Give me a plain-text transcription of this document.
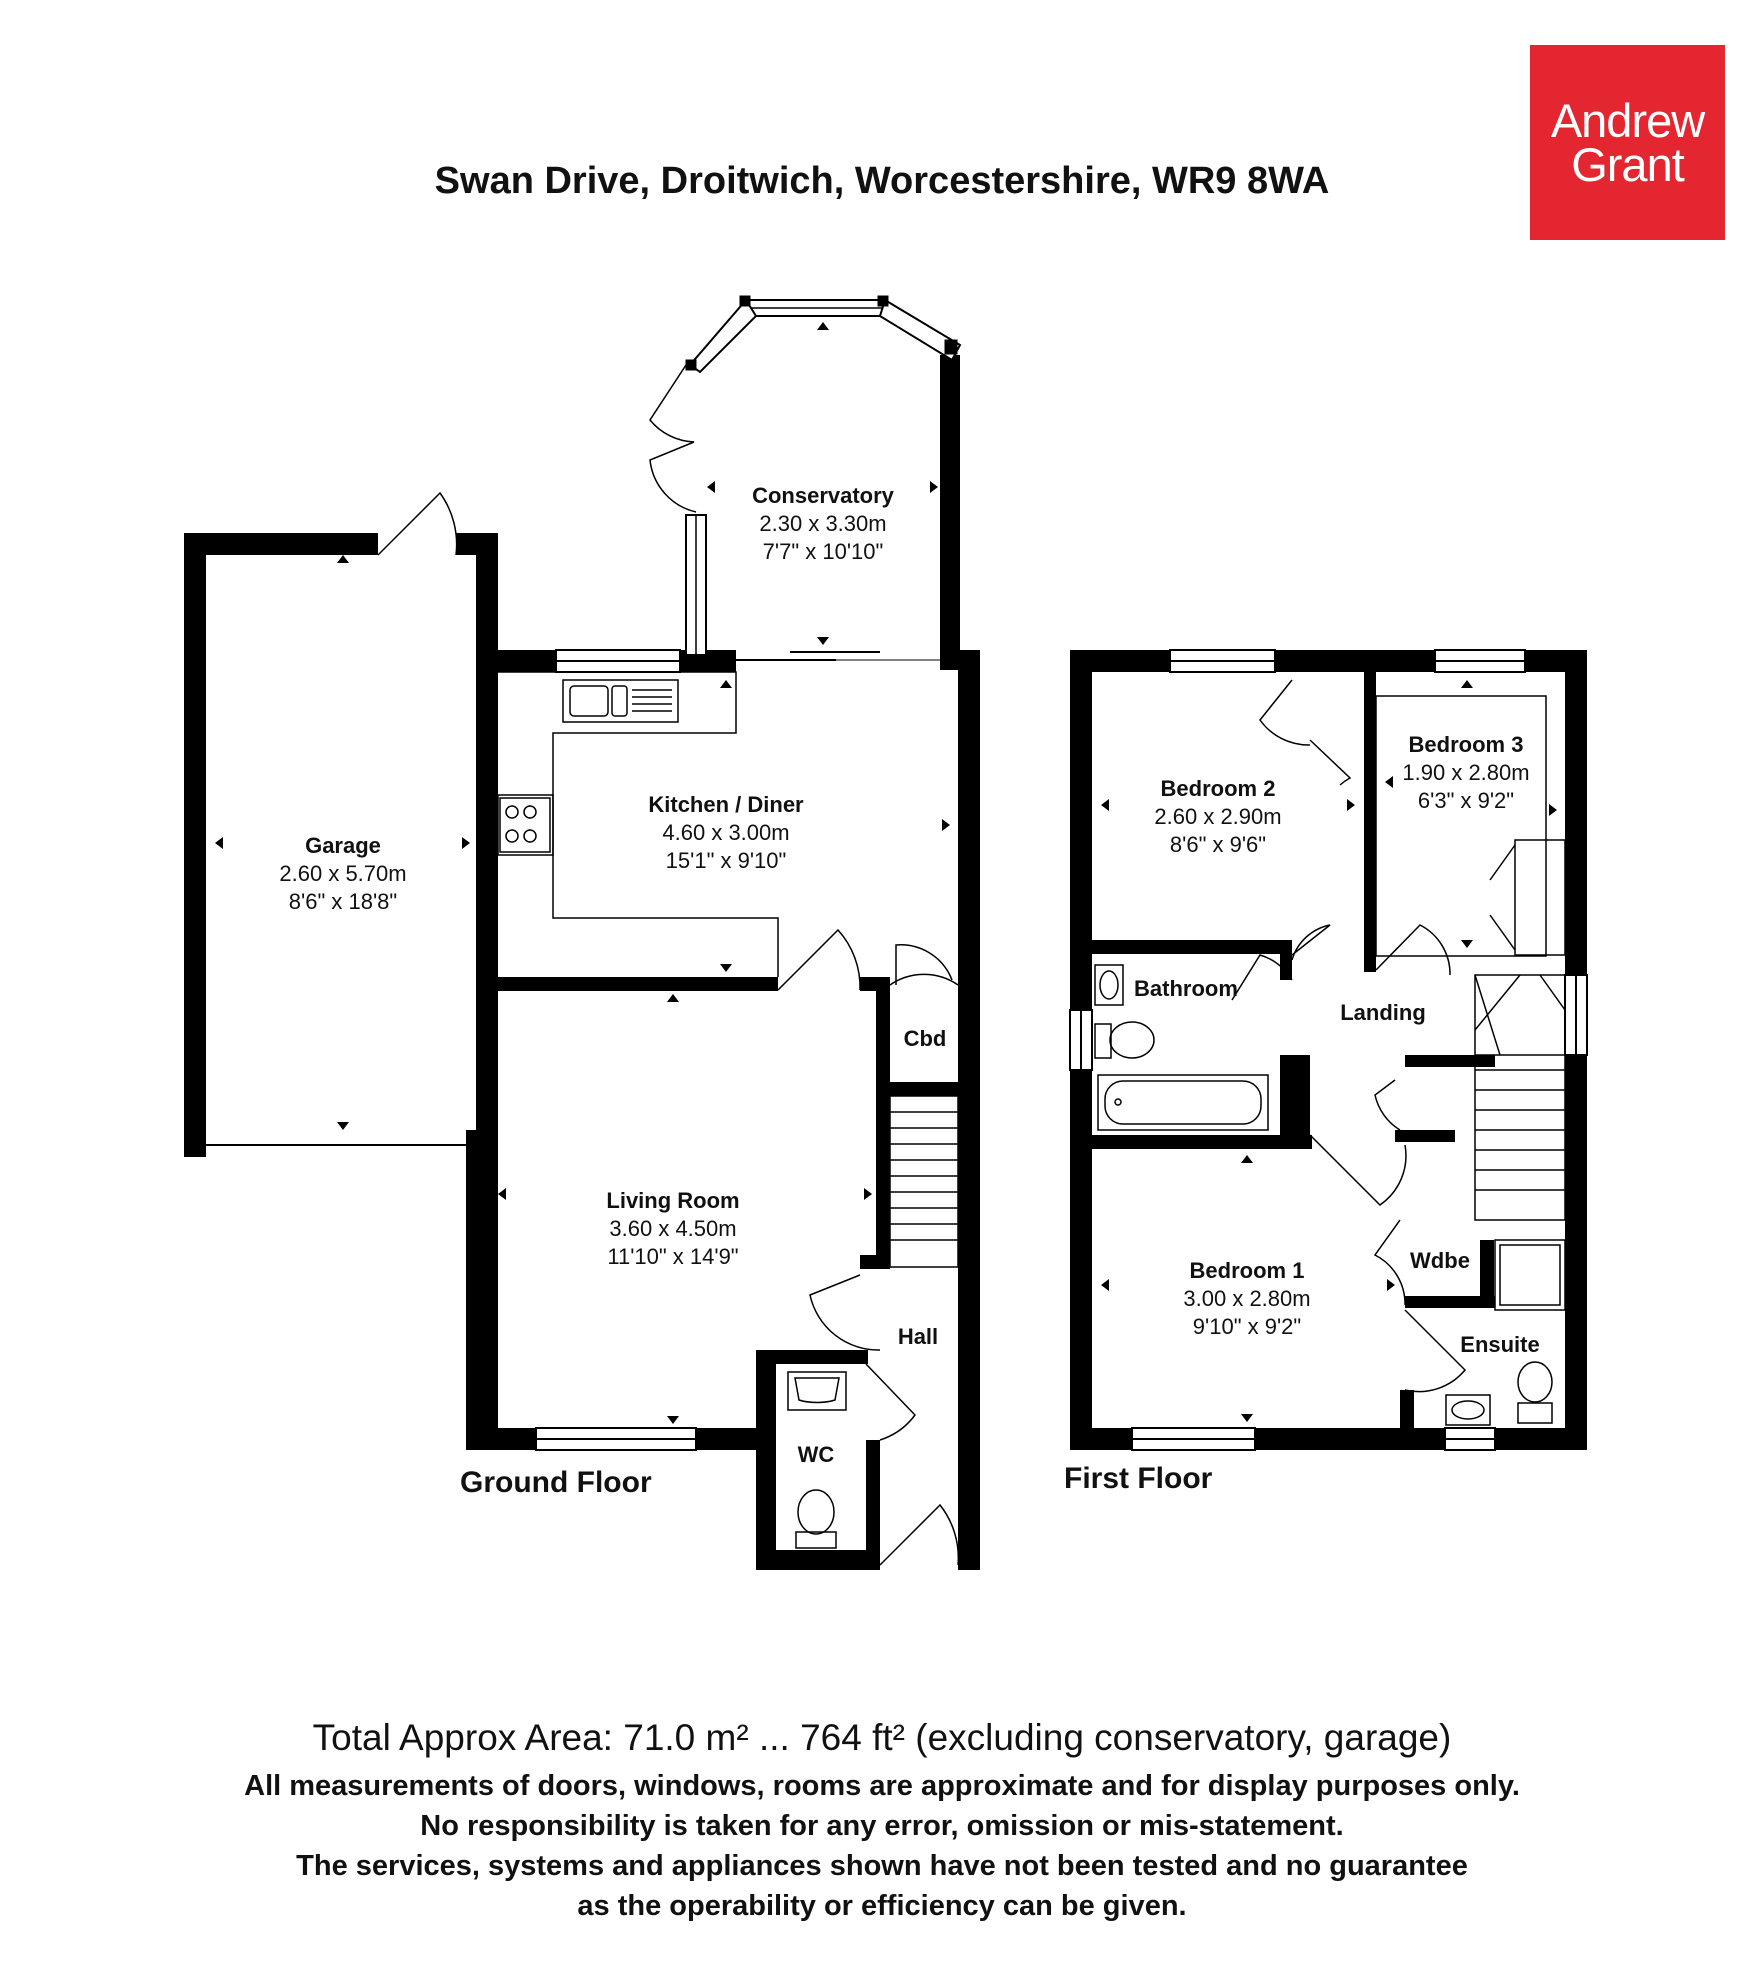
Swan Drive, Droitwich, Worcestershire, WR9 8WA
Andrew
Grant
Conservatory
2.30 x 3.30m
7'7" x 10'10"
Garage
2.60 x 5.70m
8'6" x 18'8"
Kitchen / Diner
4.60 x 3.00m
15'1" x 9'10"
Living Room
3.60 x 4.50m
11'10" x 14'9"
Cbd
Hall
WC
Bedroom 2
2.60 x 2.90m
8'6" x 9'6"
Bedroom 3
1.90 x 2.80m
6'3" x 9'2"
Bathroom
Landing
Bedroom 1
3.00 x 2.80m
9'10" x 9'2"
Wdbe
Ensuite
Ground Floor	First Floor
Total Approx Area: 71.0 m² ... 764 ft² (excluding conservatory, garage)
All measurements of doors, windows, rooms are approximate and for display purposes only.
No responsibility is taken for any error, omission or mis-statement.
The services, systems and appliances shown have not been tested and no guarantee
as the operability or efficiency can be given.
